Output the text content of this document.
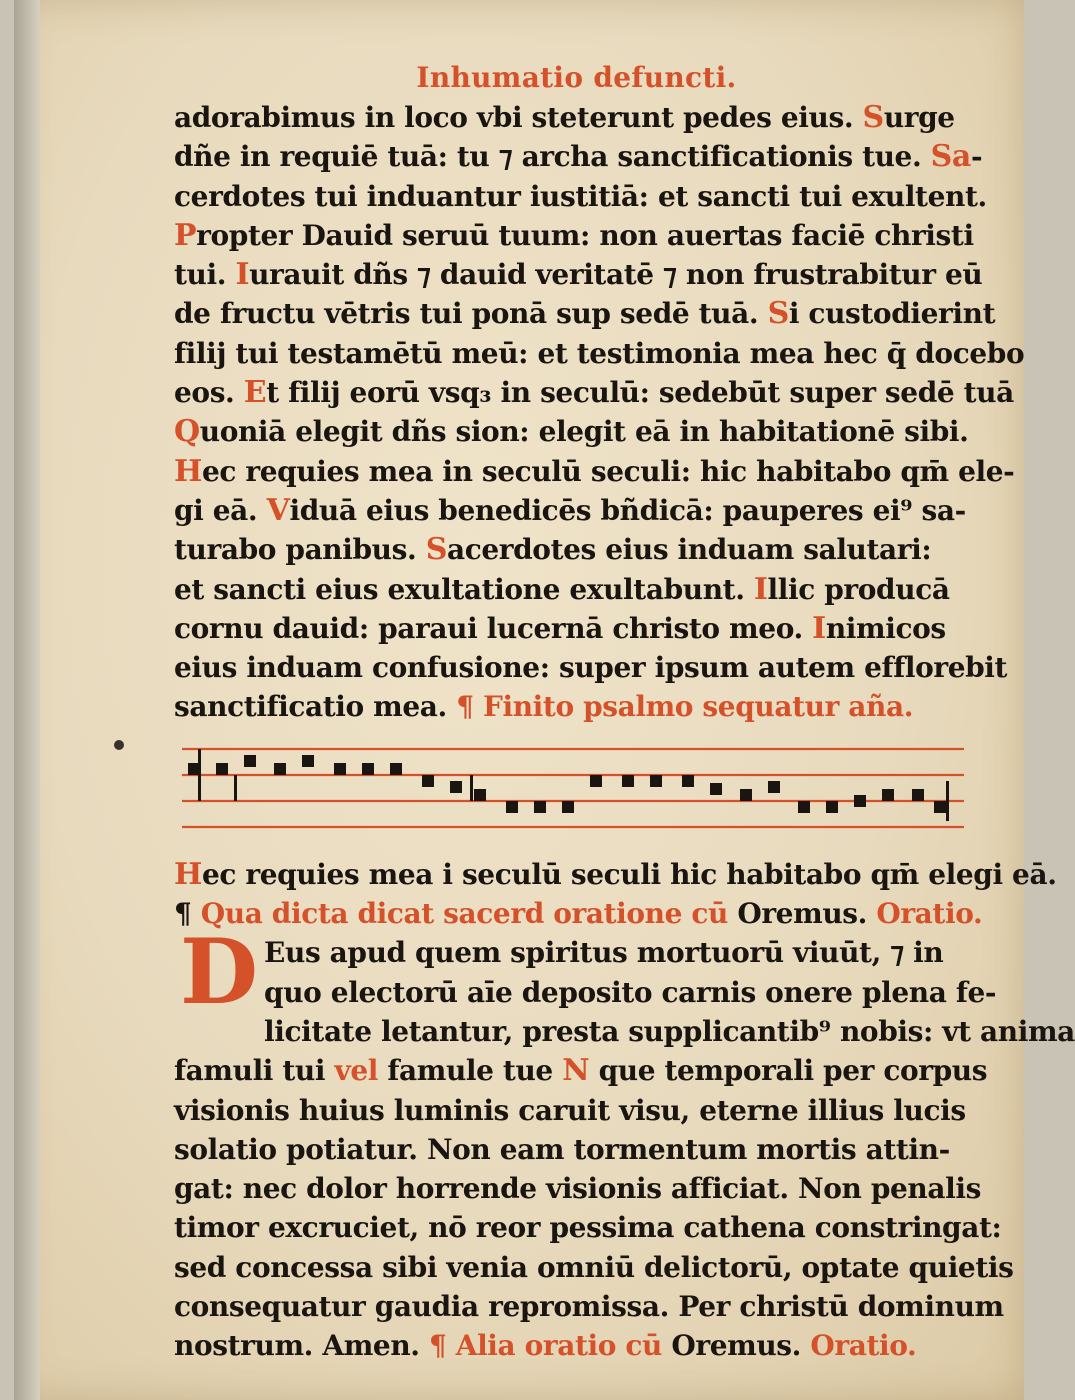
Inhumatio defuncti.
adorabimus in loco vbi steterunt pedes eius. Surge
dñe in requiē tuā: tu ⁊ archa sanctificationis tue. Sa-
cerdotes tui induantur iustitiā: et sancti tui exultent.
Propter Dauid seruū tuum: non auertas faciē christi
tui. Iurauit dñs ⁊ dauid veritatē ⁊ non frustrabitur eū
de fructu vētris tui ponā sup sedē tuā. Si custodierint
filij tui testamētū meū: et testimonia mea hec q̄ docebo
eos. Et filij eorū vsq₃ in seculū: sedebūt super sedē tuā
Quoniā elegit dñs sion: elegit eā in habitationē sibi.
Hec requies mea in seculū seculi: hic habitabo qm̄ ele-
gi eā. Viduā eius benedicēs bñdicā: pauperes ei⁹ sa-
turabo panibus. Sacerdotes eius induam salutari:
et sancti eius exultatione exultabunt. Illic producā
cornu dauid: paraui lucernā christo meo. Inimicos
eius induam confusione: super ipsum autem efflorebit
sanctificatio mea. ¶ Finito psalmo sequatur aña.
Hec requies mea i seculū seculi hic habitabo qm̄ elegi eā.
¶ Qua dicta dicat sacerd oratione cū Oremus. Oratio.
D Eus apud quem spiritus mortuorū viuūt, ⁊ in
quo electorū aīe deposito carnis onere plena fe-
licitate letantur, presta supplicantib⁹ nobis: vt anima
famuli tui vel famule tue N que temporali per corpus
visionis huius luminis caruit visu, eterne illius lucis
solatio potiatur. Non eam tormentum mortis attin-
gat: nec dolor horrende visionis afficiat. Non penalis
timor excruciet, nō reor pessima cathena constringat:
sed concessa sibi venia omniū delictorū, optate quietis
consequatur gaudia repromissa. Per christū dominum
nostrum. Amen. ¶ Alia oratio cū Oremus. Oratio.
